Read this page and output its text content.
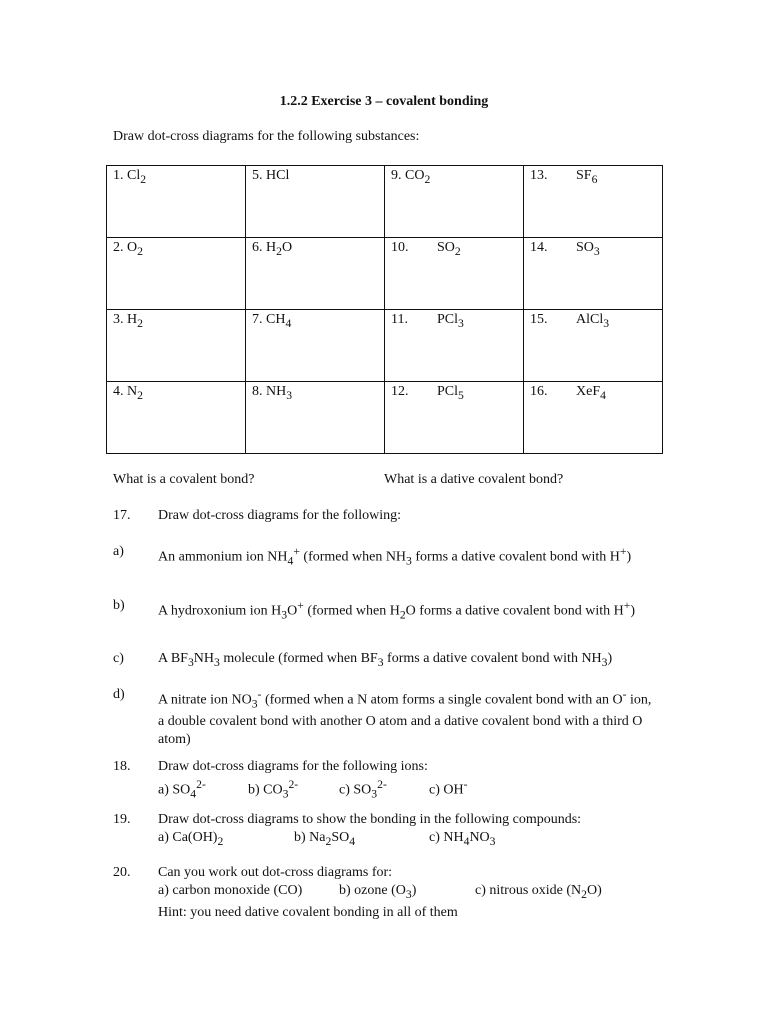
1.2.2 Exercise 3 – covalent bonding
Draw dot-cross diagrams for the following substances:
1. $Cl_2$	5. HCl	9. $CO_2$	13. $SF_6$

2. $O_2$	6. $H_2O$	10. $SO_2$	14. $SO_3$

3. $H_2$	7. $CH_4$	11. PCl$_3$	15. AlCl$_3$

4. $N_2$	8. $NH_3$	12. PCl$_5$	16. XeF$_4$
What is a covalent bond?	What is a dative covalent bond?
17. Draw dot-cross diagrams for the following:
a) An ammonium ion $NH_4^+$ (formed when $NH_3$ forms a dative covalent bond with H+)
b) A hydroxonium ion $H_3O^+$ (formed when $H_2O$ forms a dative covalent bond with H+)
c) A $BF_3NH_3$ molecule (formed when $BF_3$ forms a dative covalent bond with $NH_3$)
d) A nitrate ion $NO_3^-$ (formed when a N atom forms a single covalent bond with an O- ion, a double covalent bond with another O atom and a dative covalent bond with a third O atom)
18. Draw dot-cross diagrams for the following ions:

a) $SO_4^{2-}$	b) $CO_3^{2-}$	c) $SO_3^{2-}$	c) OH-
19. Draw dot-cross diagrams to show the bonding in the following compounds:

a) $Ca(OH)_2$	b) $Na_2SO_4$	c) $NH_4NO_3$
20. Can you work out dot-cross diagrams for:

a) carbon monoxide (CO)	b) ozone $(O_3)$	c) nitrous oxide $(N_2O)$
Hint: you need dative covalent bonding in all of them
